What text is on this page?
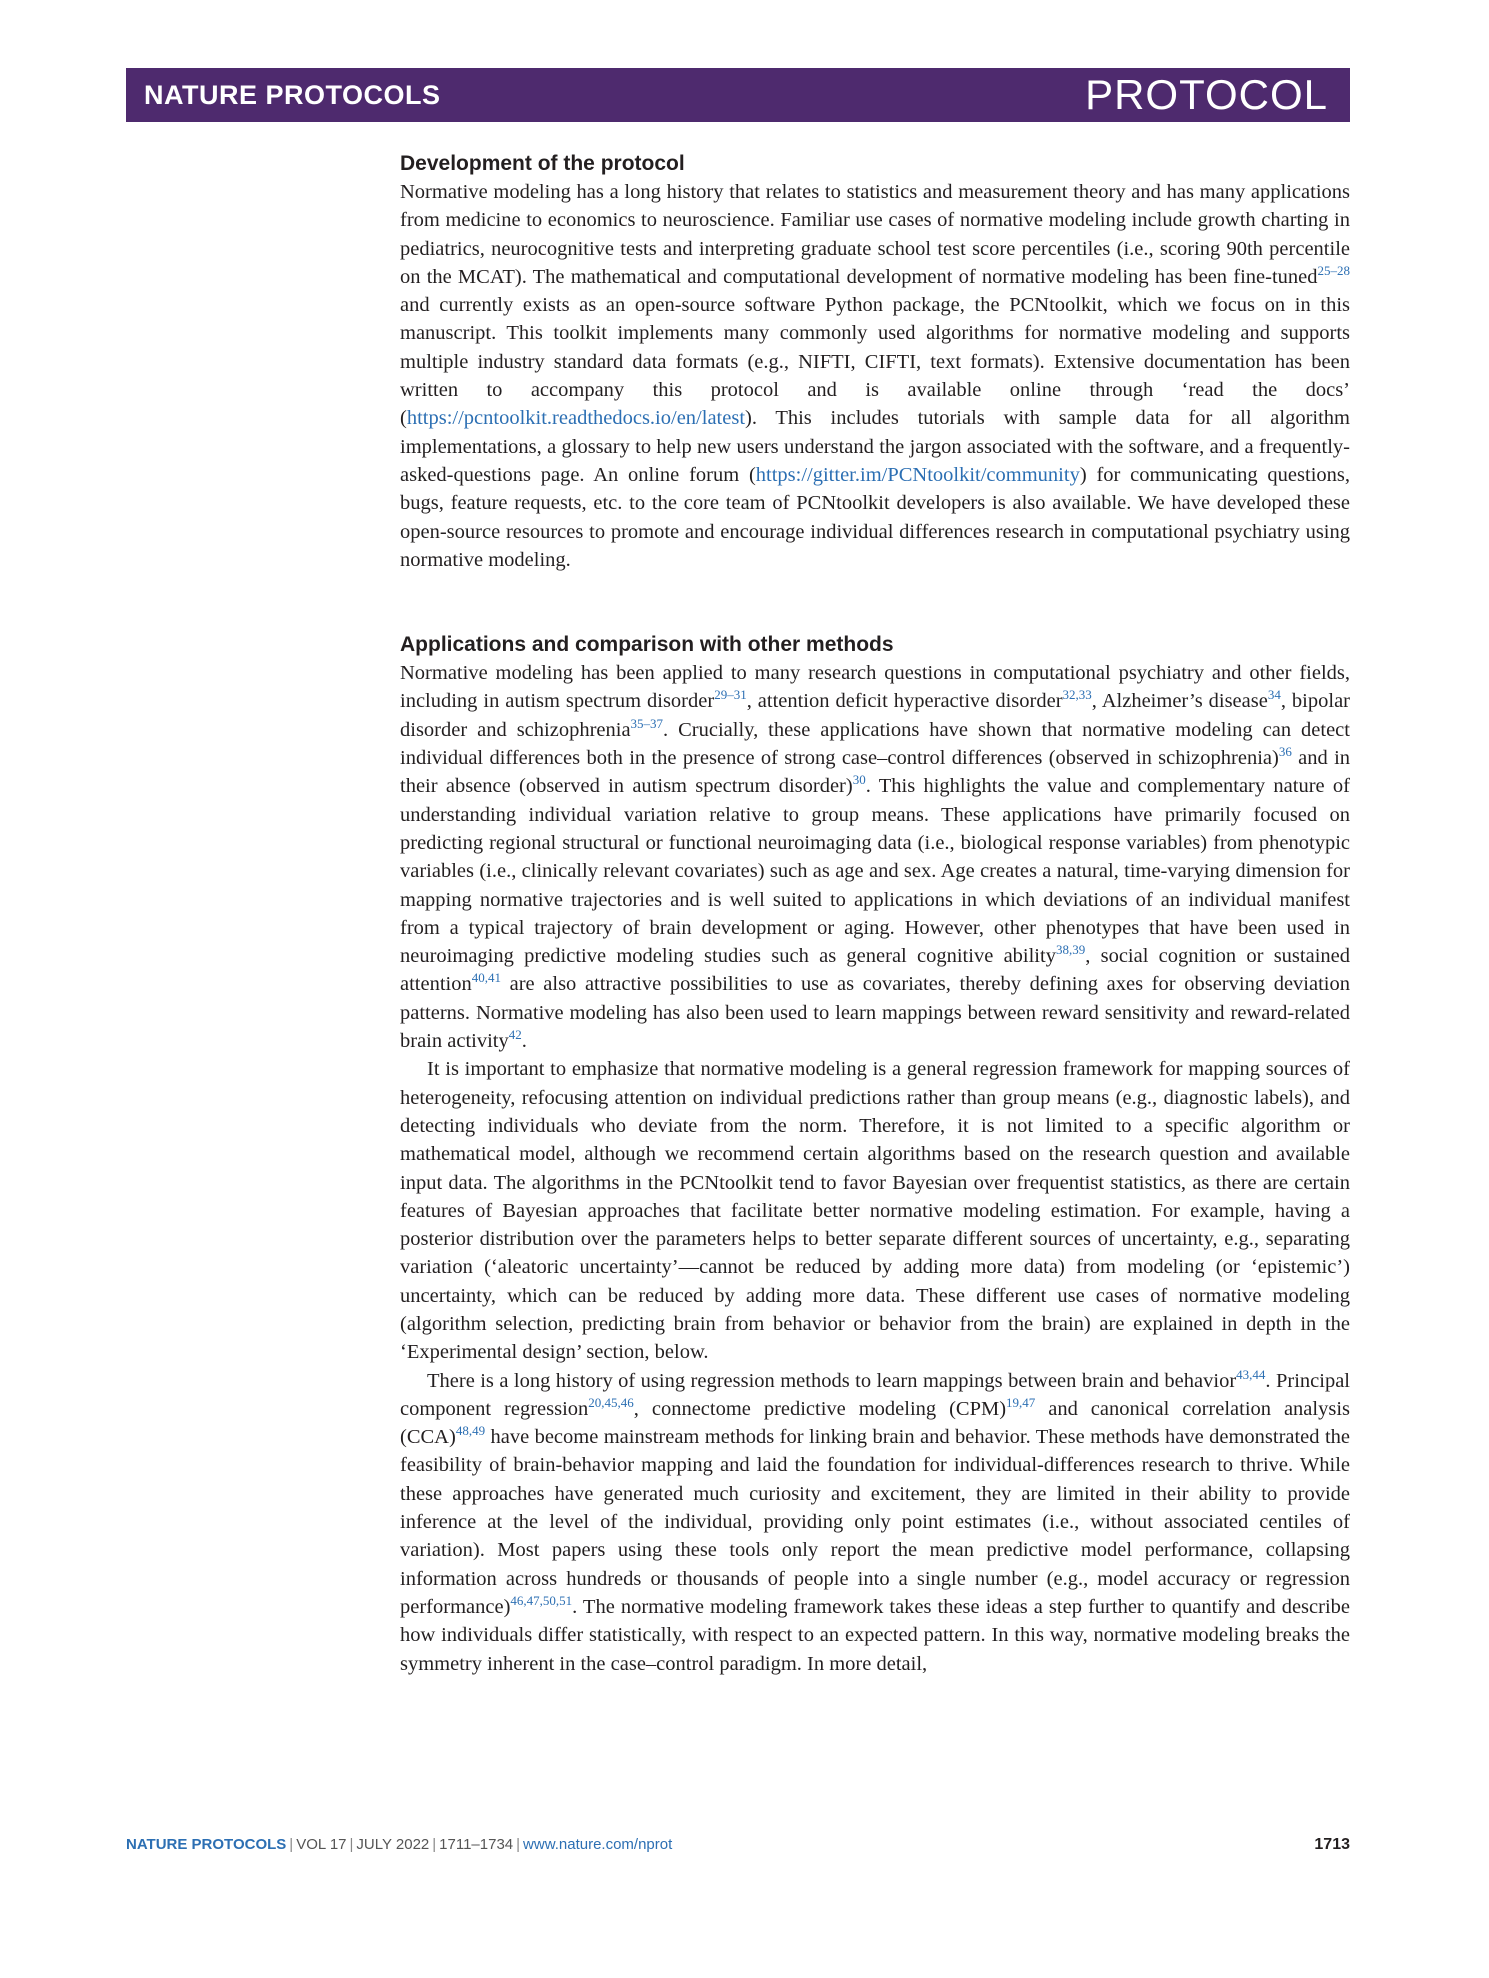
NATURE PROTOCOLS	PROTOCOL
Development of the protocol

Normative modeling has a long history that relates to statistics and measurement theory and has many applications from medicine to economics to neuroscience. Familiar use cases of normative modeling include growth charting in pediatrics, neurocognitive tests and interpreting graduate school test score percentiles (i.e., scoring 90th percentile on the MCAT). The mathematical and computational development of normative modeling has been fine-tuned$^{25-28}$ and currently exists as an open-source software Python package, the PCNtoolkit, which we focus on in this manuscript. This toolkit implements many commonly used algorithms for normative modeling and supports multiple industry standard data formats (e.g., NIFTI, CIFTI, text formats). Extensive documentation has been written to accompany this protocol and is available online through ‘read the docs’ (https://pcntoolkit.readthedocs.io/en/latest). This includes tutorials with sample data for all algorithm implementations, a glossary to help new users understand the jargon associated with the software, and a frequently-asked-questions page. An online forum (https://gitter.im/PCNtoolkit/community) for communicating questions, bugs, feature requests, etc. to the core team of PCNtoolkit developers is also available. We have developed these open-source resources to promote and encourage individual differences research in computational psychiatry using normative modeling.

Applications and comparison with other methods

Normative modeling has been applied to many research questions in computational psychiatry and other fields, including in autism spectrum disorder$^{29-31}$, attention deficit hyperactive disorder$^{32,33}$, Alzheimer’s disease$^{34}$, bipolar disorder and schizophrenia$^{35-37}$. Crucially, these applications have shown that normative modeling can detect individual differences both in the presence of strong case–control differences (observed in schizophrenia)$^{36}$ and in their absence (observed in autism spectrum disorder)$^{30}$. This highlights the value and complementary nature of understanding individual variation relative to group means. These applications have primarily focused on predicting regional structural or functional neuroimaging data (i.e., biological response variables) from phenotypic variables (i.e., clinically relevant covariates) such as age and sex. Age creates a natural, time-varying dimension for mapping normative trajectories and is well suited to applications in which deviations of an individual manifest from a typical trajectory of brain development or aging. However, other phenotypes that have been used in neuroimaging predictive modeling studies such as general cognitive ability$^{38,39}$, social cognition or sustained attention$^{40,41}$ are also attractive possibilities to use as covariates, thereby defining axes for observing deviation patterns. Normative modeling has also been used to learn mappings between reward sensitivity and reward-related brain activity$^{42}$.

It is important to emphasize that normative modeling is a general regression framework for mapping sources of heterogeneity, refocusing attention on individual predictions rather than group means (e.g., diagnostic labels), and detecting individuals who deviate from the norm. Therefore, it is not limited to a specific algorithm or mathematical model, although we recommend certain algorithms based on the research question and available input data. The algorithms in the PCNtoolkit tend to favor Bayesian over frequentist statistics, as there are certain features of Bayesian approaches that facilitate better normative modeling estimation. For example, having a posterior distribution over the parameters helps to better separate different sources of uncertainty, e.g., separating variation (‘aleatoric uncertainty’—cannot be reduced by adding more data) from modeling (or ‘epistemic’) uncertainty, which can be reduced by adding more data. These different use cases of normative modeling (algorithm selection, predicting brain from behavior or behavior from the brain) are explained in depth in the ‘Experimental design’ section, below.

There is a long history of using regression methods to learn mappings between brain and behavior$^{43,44}$. Principal component regression$^{20,45,46}$, connectome predictive modeling (CPM)$^{19,47}$ and canonical correlation analysis (CCA)$^{48,49}$ have become mainstream methods for linking brain and behavior. These methods have demonstrated the feasibility of brain-behavior mapping and laid the foundation for individual-differences research to thrive. While these approaches have generated much curiosity and excitement, they are limited in their ability to provide inference at the level of the individual, providing only point estimates (i.e., without associated centiles of variation). Most papers using these tools only report the mean predictive model performance, collapsing information across hundreds or thousands of people into a single number (e.g., model accuracy or regression performance)$^{46,47,50,51}$. The normative modeling framework takes these ideas a step further to quantify and describe how individuals differ statistically, with respect to an expected pattern. In this way, normative modeling breaks the symmetry inherent in the case–control paradigm. In more detail,

NATURE PROTOCOLS | VOL 17 | JULY 2022 | 1711–1734 | www.nature.com/nprot	1713
